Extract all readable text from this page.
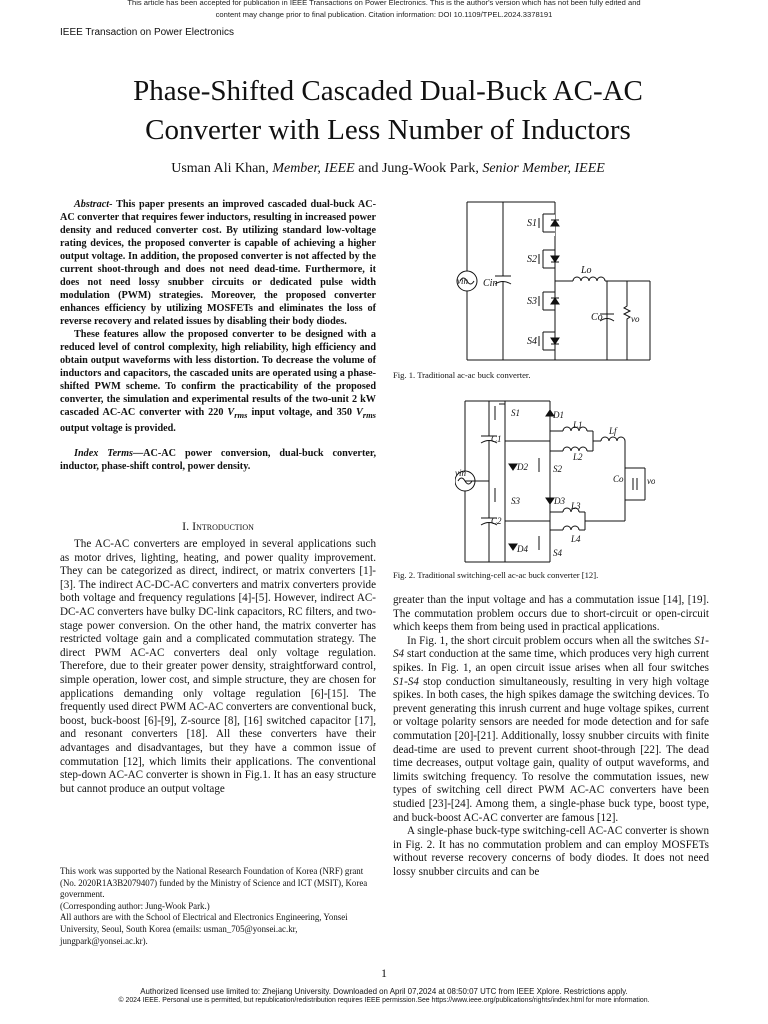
This article has been accepted for publication in IEEE Transactions on Power Electronics. This is the author's version which has not been fully edited and
content may change prior to final publication. Citation information: DOI 10.1109/TPEL.2024.3378191
IEEE Transaction on Power Electronics
Phase-Shifted Cascaded Dual-Buck AC-AC
Converter with Less Number of Inductors
Usman Ali Khan, Member, IEEE and Jung-Wook Park, Senior Member, IEEE

Abstract- This paper presents an improved cascaded dual-buck AC-AC converter that requires fewer inductors, resulting in increased power density and reduced converter cost. By utilizing standard low-voltage rating devices, the proposed converter is capable of achieving a higher output voltage. In addition, the proposed converter is not affected by the current shoot-through and does not need dead-time. Furthermore, it does not need lossy snubber circuits or dedicated pulse width modulation (PWM) strategies. Moreover, the proposed converter enhances efficiency by utilizing MOSFETs and eliminates the loss of reverse recovery and related issues by disabling their body diodes.

These features allow the proposed converter to be designed with a reduced level of control complexity, high reliability, high efficiency and obtain output waveforms with less distortion. To decrease the volume of inductors and capacitors, the cascaded units are operated using a phase-shifted PWM scheme. To confirm the practicability of the proposed converter, the simulation and experimental results of the two-unit 2 kW cascaded AC-AC converter with 220 $V_{rms}$ input voltage, and 350 $V_{rms}$ output voltage is provided.

Index Terms—AC-AC power conversion, dual-buck converter, inductor, phase-shift control, power density.

I. Introduction

The AC-AC converters are employed in several applications such as motor drives, lighting, heating, and power quality improvement. They can be categorized as direct, indirect, or matrix converters [1]-[3]. The indirect AC-DC-AC converters and matrix converters provide both voltage and frequency regulations [4]-[5]. However, indirect AC-DC-AC converters have bulky DC-link capacitors, RC filters, and two-stage power conversion. On the other hand, the matrix converter has restricted voltage gain and a complicated commutation strategy. The direct PWM AC-AC converters deal only voltage regulation. Therefore, due to their greater power density, straightforward control, simple operation, lower cost, and simple structure, they are chosen for applications demanding only voltage regulation [6]-[15]. The frequently used direct PWM AC-AC converters are conventional buck, boost, buck-boost [6]-[9], Z-source [8], [16] switched capacitor [17], and resonant converters [18]. All these converters have their advantages and disadvantages, but they have a common issue of commutation [12], which limits their applications. The conventional step-down AC-AC converter is shown in Fig.1. It has an easy structure but cannot produce an output voltage

This work was supported by the National Research Foundation of Korea (NRF) grant (No. 2020R1A3B2079407) funded by the Ministry of Science and ICT (MSIT), Korea government.

(Corresponding author: Jung-Wook Park.)

All authors are with the School of Electrical and Electronics Engineering, Yonsei University, Seoul, South Korea (emails: usman_705@yonsei.ac.kr, jungpark@yonsei.ac.kr).

S1
S2
S3
S4
Lo
Cin
Co
vin
vo
Fig. 1. Traditional ac-ac buck converter.
S1	D1
C1
L1
L2
Lf
D2	S2
Co	vo
S3	D3 L3
C2
L4
D4	S4
vin
Fig. 2. Traditional switching-cell ac-ac buck converter [12].

greater than the input voltage and has a commutation issue [14], [19]. The commutation problem occurs due to short-circuit or open-circuit which keeps them from being used in practical applications.

In Fig. 1, the short circuit problem occurs when all the switches S1-S4 start conduction at the same time, which produces very high current spikes. In Fig. 1, an open circuit issue arises when all four switches S1-S4 stop conduction simultaneously, resulting in very high voltage spikes. In both cases, the high spikes damage the switching devices. To prevent generating this inrush current and huge voltage spikes, current or voltage polarity sensors are needed for mode detection and for safe commutation [20]-[21]. Additionally, lossy snubber circuits with finite dead-time are used to prevent current shoot-through [22]. The dead time decreases, output voltage gain, quality of output waveforms, and limits switching frequency. To resolve the commutation issues, new types of switching cell direct PWM AC-AC converters have been studied [23]-[24]. Among them, a single-phase buck type, boost type, and buck-boost AC-AC converter are famous [12].

A single-phase buck-type switching-cell AC-AC converter is shown in Fig. 2. It has no commutation problem and can employ MOSFETs without reverse recovery concerns of body diodes. It does not need lossy snubber circuits and can be

1
Authorized licensed use limited to: Zhejiang University. Downloaded on April 07,2024 at 08:50:07 UTC from IEEE Xplore. Restrictions apply.
© 2024 IEEE. Personal use is permitted, but republication/redistribution requires IEEE permission.See https://www.ieee.org/publications/rights/index.html for more information.
